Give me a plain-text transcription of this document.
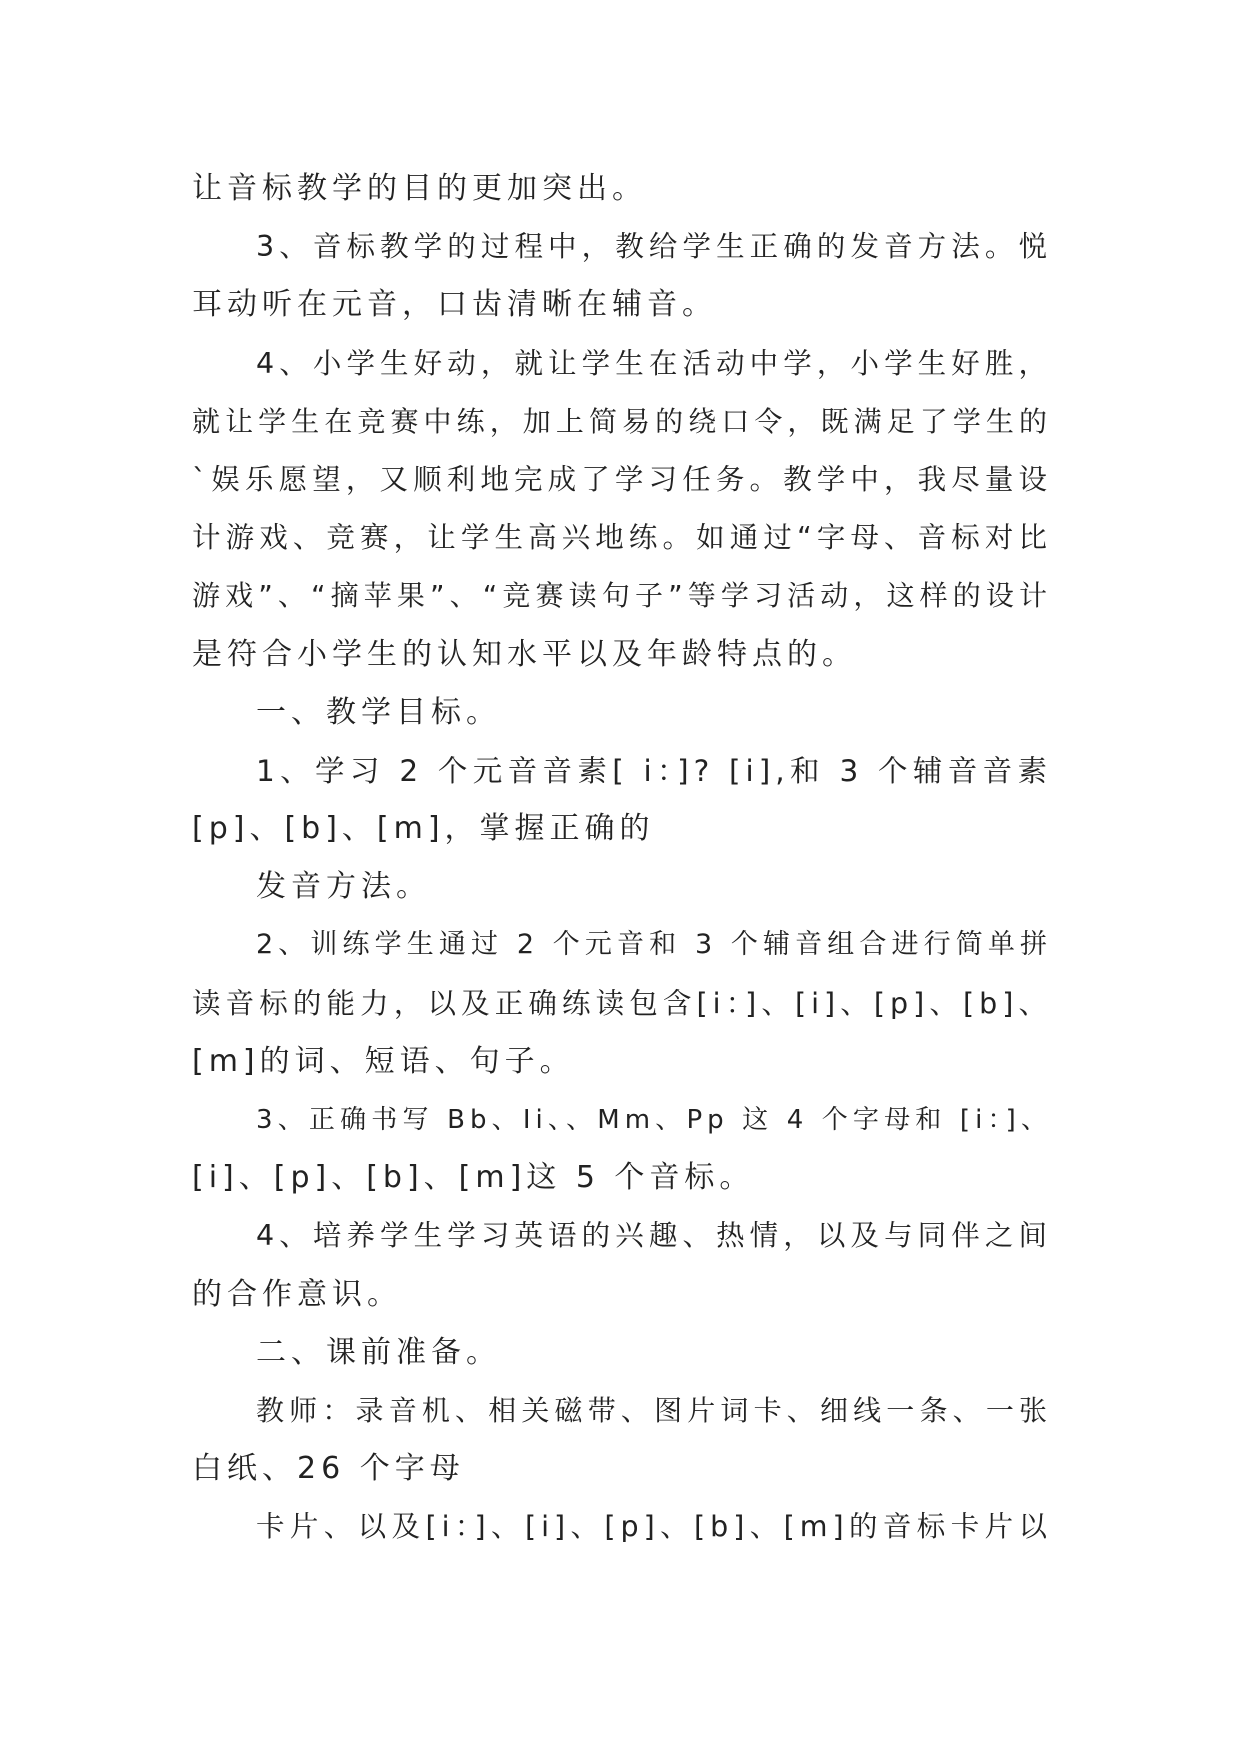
让音标教学的目的更加突出。
3、音标教学的过程中，教给学生正确的发音方法。悦
耳动听在元音，口齿清晰在辅音。
4、小学生好动，就让学生在活动中学，小学生好胜，
就让学生在竞赛中练，加上简易的绕口令，既满足了学生的
`娱乐愿望，又顺利地完成了学习任务。教学中，我尽量设
计游戏、竞赛，让学生高兴地练。如通过“字母、音标对比
游戏”、“摘苹果”、“竞赛读句子”等学习活动，这样的设计
是符合小学生的认知水平以及年龄特点的。
一、教学目标。
1、学习 2 个元音音素[ i：]? [i],和 3 个辅音音素
[p]、[b]、[m]，掌握正确的
发音方法。
2、训练学生通过 2 个元音和 3 个辅音组合进行简单拼
读音标的能力，以及正确练读包含[i：]、[i]、[p]、[b]、
[m]的词、短语、句子。
3、正确书写 Bb、Ii、、Mm、Pp 这 4 个字母和 [i：]、
[i]、[p]、[b]、[m]这 5 个音标。
4、培养学生学习英语的兴趣、热情，以及与同伴之间
的合作意识。
二、课前准备。
教师：录音机、相关磁带、图片词卡、细线一条、一张
白纸、26 个字母
卡片、以及[i：]、[i]、[p]、[b]、[m]的音标卡片以
